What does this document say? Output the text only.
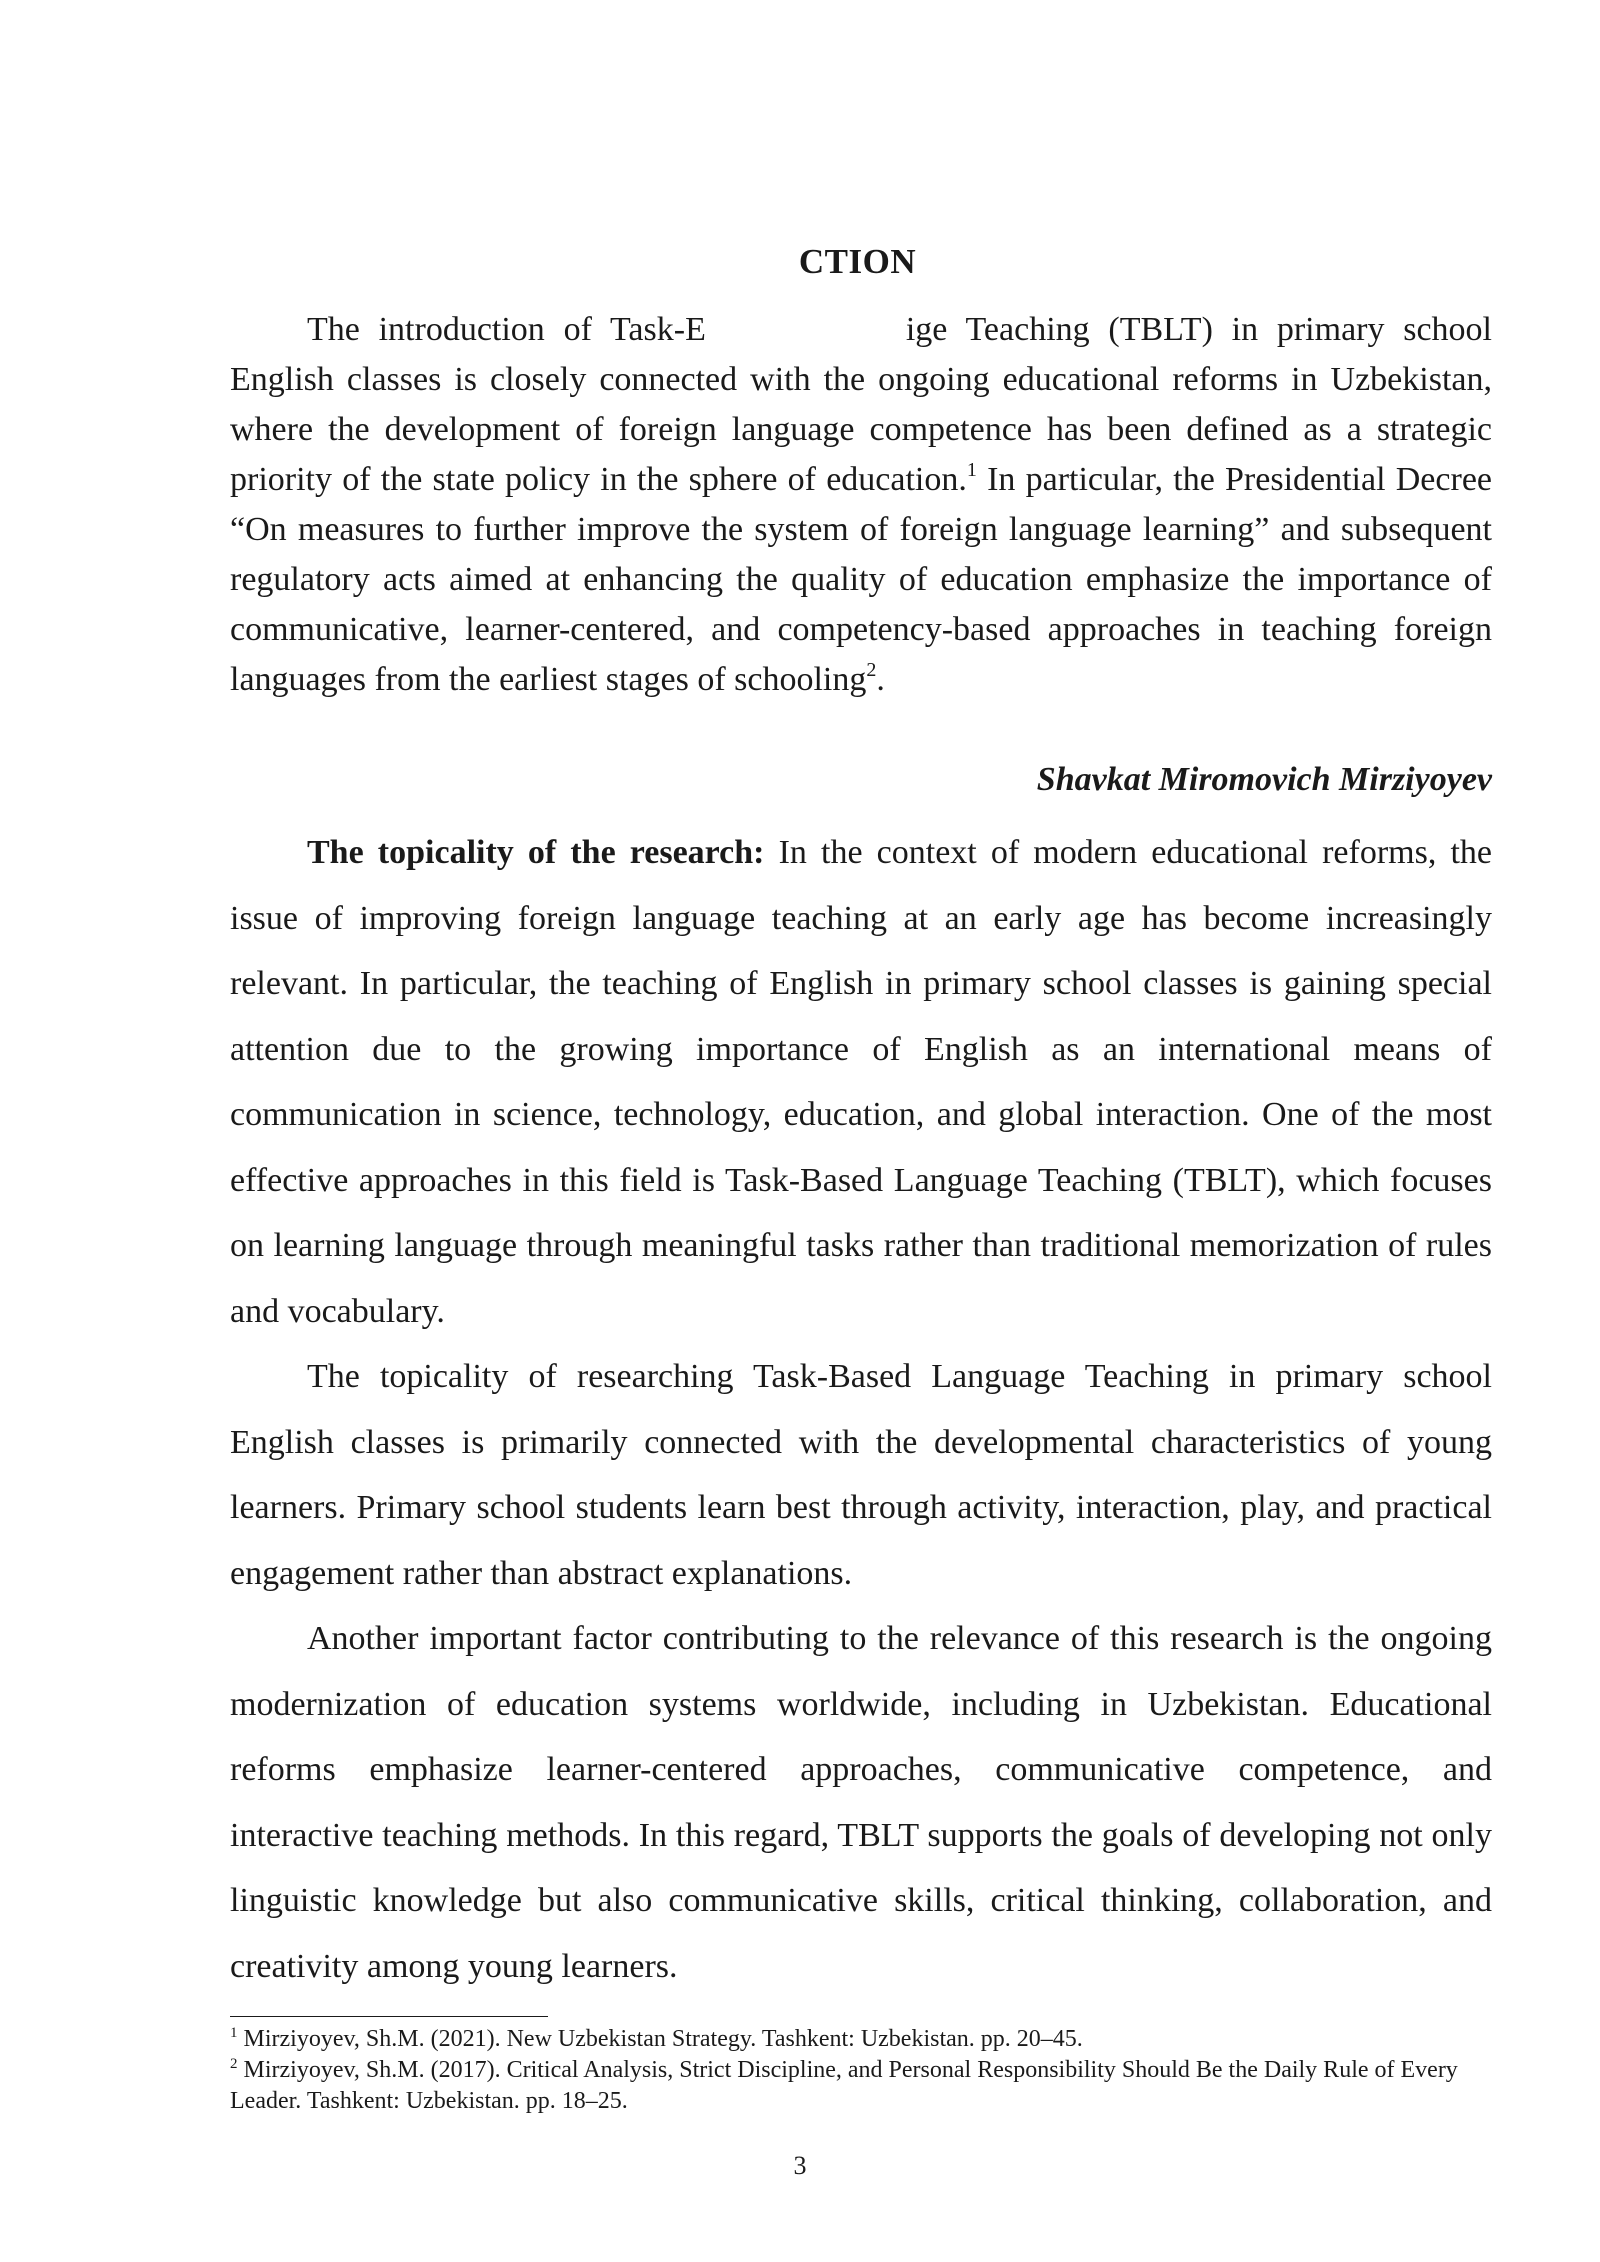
CTION

The introduction of Task-E	ige Teaching (TBLT) in primary school English classes is closely connected with the ongoing educational reforms in Uzbekistan, where the development of foreign language competence has been defined as a strategic priority of the state policy in the sphere of education.$^1$ In particular, the Presidential Decree “On measures to further improve the system of foreign language learning” and subsequent regulatory acts aimed at enhancing the quality of education emphasize the importance of communicative, learner-centered, and competency-based approaches in teaching foreign languages from the earliest stages of schooling$^2$.

Shavkat Miromovich Mirziyoyev

The topicality of the research: In the context of modern educational reforms, the issue of improving foreign language teaching at an early age has become increasingly relevant. In particular, the teaching of English in primary school classes is gaining special attention due to the growing importance of English as an international means of communication in science, technology, education, and global interaction. One of the most effective approaches in this field is Task-Based Language Teaching (TBLT), which focuses on learning language through meaningful tasks rather than traditional memorization of rules and vocabulary.

The topicality of researching Task-Based Language Teaching in primary school English classes is primarily connected with the developmental characteristics of young learners. Primary school students learn best through activity, interaction, play, and practical engagement rather than abstract explanations.

Another important factor contributing to the relevance of this research is the ongoing modernization of education systems worldwide, including in Uzbekistan. Educational reforms emphasize learner-centered approaches, communicative competence, and interactive teaching methods. In this regard, TBLT supports the goals of developing not only linguistic knowledge but also communicative skills, critical thinking, collaboration, and creativity among young learners.

$^1$ Mirziyoyev, Sh.M. (2021). New Uzbekistan Strategy. Tashkent: Uzbekistan. pp. 20–45.

$^2$ Mirziyoyev, Sh.M. (2017). Critical Analysis, Strict Discipline, and Personal Responsibility Should Be the Daily Rule of Every Leader. Tashkent: Uzbekistan. pp. 18–25.

3
